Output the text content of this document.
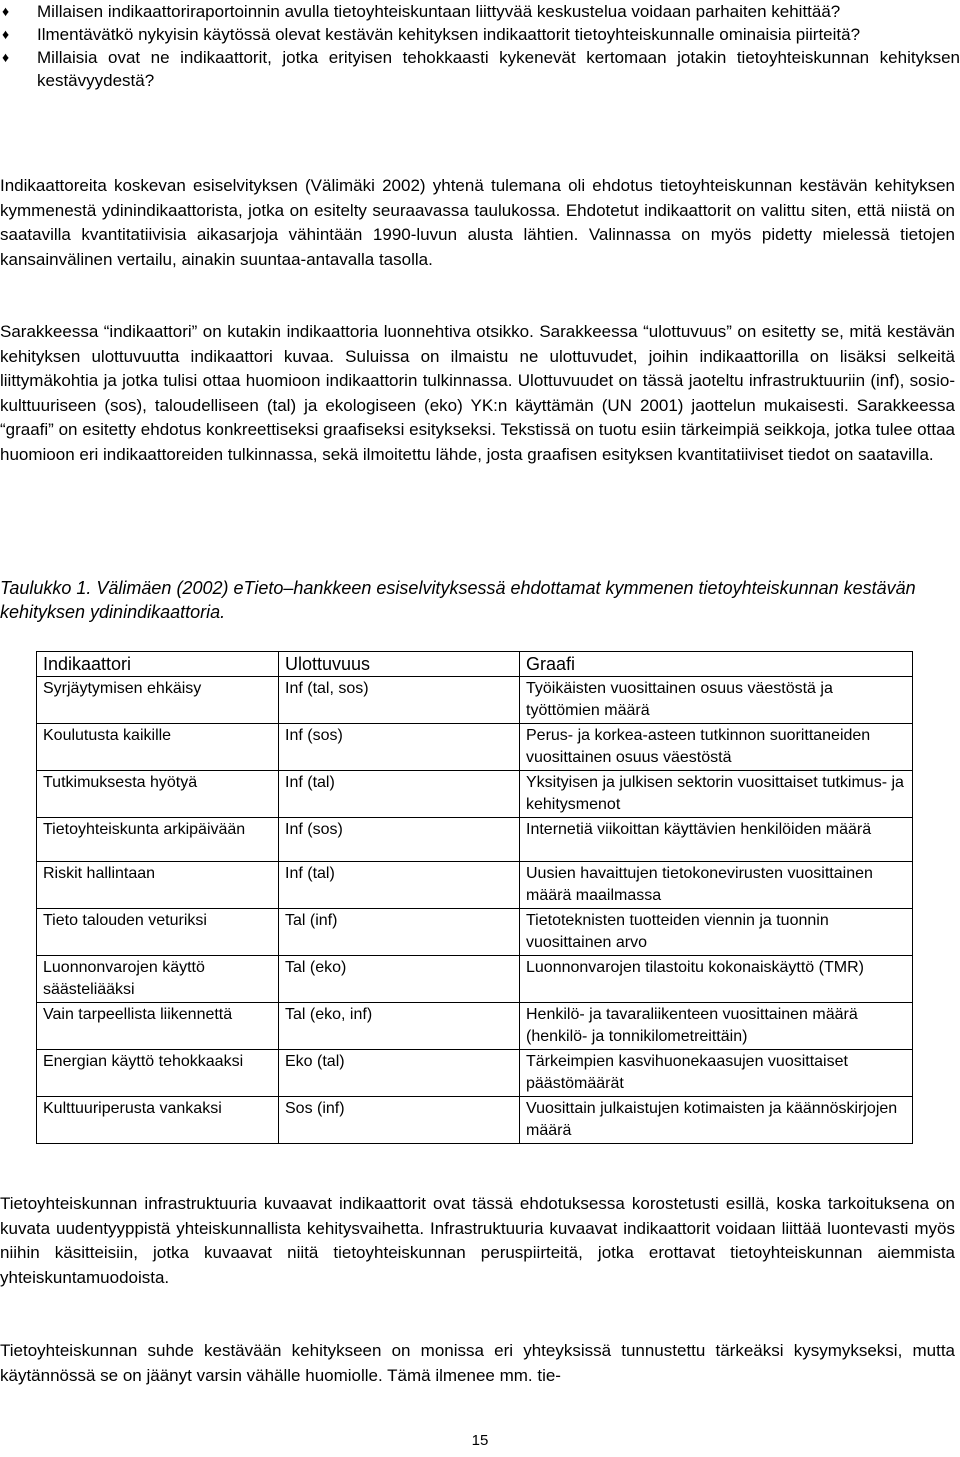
♦ Millaisen indikaattoriraportoinnin avulla tietoyhteiskuntaan liittyvää keskustelua voidaan parhaiten kehittää?
♦ Ilmentävätkö nykyisin käytössä olevat kestävän kehityksen indikaattorit tietoyhteiskunnalle ominaisia piirteitä?
♦ Millaisia ovat ne indikaattorit, jotka erityisen tehokkaasti kykenevät kertomaan jotakin tietoyhteiskunnan kehityksen kestävyydestä?

Indikaattoreita koskevan esiselvityksen (Välimäki 2002) yhtenä tulemana oli ehdotus tietoyhteiskunnan kestävän kehityksen kymmenestä ydinindikaattorista, jotka on esitelty seuraavassa taulukossa. Ehdotetut indikaattorit on valittu siten, että niistä on saatavilla kvantitatiivisia aikasarjoja vähintään 1990-luvun alusta lähtien. Valinnassa on myös pidetty mielessä tietojen kansainvälinen vertailu, ainakin suuntaa-antavalla tasolla.

Sarakkeessa “indikaattori” on kutakin indikaattoria luonnehtiva otsikko. Sarakkeessa “ulottuvuus” on esitetty se, mitä kestävän kehityksen ulottuvuutta indikaattori kuvaa. Suluissa on ilmaistu ne ulottuvudet, joihin indikaattorilla on lisäksi selkeitä liittymäkohtia ja jotka tulisi ottaa huomioon indikaattorin tulkinnassa. Ulottuvuudet on tässä jaoteltu infrastruktuuriin (inf), sosio-kulttuuriseen (sos), taloudelliseen (tal) ja ekologiseen (eko) YK:n käyttämän (UN 2001) jaottelun mukaisesti. Sarakkeessa “graafi” on esitetty ehdotus konkreettiseksi graafiseksi esitykseksi. Tekstissä on tuotu esiin tärkeimpiä seikkoja, jotka tulee ottaa huomioon eri indikaattoreiden tulkinnassa, sekä ilmoitettu lähde, josta graafisen esityksen kvantitatiiviset tiedot on saatavilla.

Taulukko 1. Välimäen (2002) eTieto–hankkeen esiselvityksessä ehdottamat kymmenen tietoyhteiskunnan kestävän kehityksen ydinindikaattoria.

Indikaattori	Ulottuvuus	Graafi
Syrjäytymisen ehkäisy	Inf (tal, sos)	Työikäisten vuosittainen osuus väestöstä ja työttömien määrä
Koulutusta kaikille	Inf (sos)	Perus- ja korkea-asteen tutkinnon suorittaneiden vuosittainen osuus väestöstä
Tutkimuksesta hyötyä	Inf (tal)	Yksityisen ja julkisen sektorin vuosittaiset tutkimus- ja kehitysmenot
Tietoyhteiskunta arkipäivään	Inf (sos)	Internetiä viikoittan käyttävien henkilöiden määrä
Riskit hallintaan	Inf (tal)	Uusien havaittujen tietokonevirusten vuosittainen määrä maailmassa
Tieto talouden veturiksi	Tal (inf)	Tietoteknisten tuotteiden viennin ja tuonnin vuosittainen arvo
Luonnonvarojen käyttö säästeliääksi	Tal (eko)	Luonnonvarojen tilastoitu kokonaiskäyttö (TMR)
Vain tarpeellista liikennettä	Tal (eko, inf)	Henkilö- ja tavaraliikenteen vuosittainen määrä (henkilö- ja tonnikilometreittäin)
Energian käyttö tehokkaaksi	Eko (tal)	Tärkeimpien kasvihuonekaasujen vuosittaiset päästömäärät
Kulttuuriperusta vankaksi	Sos (inf)	Vuosittain julkaistujen kotimaisten ja käännöskirjojen määrä

Tietoyhteiskunnan infrastruktuuria kuvaavat indikaattorit ovat tässä ehdotuksessa korostetusti esillä, koska tarkoituksena on kuvata uudentyyppistä yhteiskunnallista kehitysvaihetta. Infrastruktuuria kuvaavat indikaattorit voidaan liittää luontevasti myös niihin käsitteisiin, jotka kuvaavat niitä tietoyhteiskunnan peruspiirteitä, jotka erottavat tietoyhteiskunnan aiemmista yhteiskuntamuodoista.

Tietoyhteiskunnan suhde kestävään kehitykseen on monissa eri yhteyksissä tunnustettu tärkeäksi kysymykseksi, mutta käytännössä se on jäänyt varsin vähälle huomiolle. Tämä ilmenee mm. tie-

15
